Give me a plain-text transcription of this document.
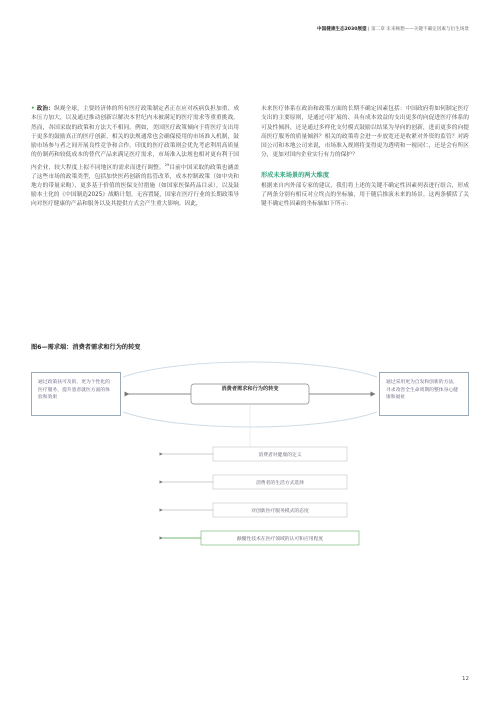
中国健康生态2030展望 | 第二章 未来畅想——关键不确定因素与衍生场景

• 政治：纵观全球，主要经济体的所有医疗政策制定者正在应对疾病负担加重、成本压力加大，以及通过推动创新以解决本世纪内未被满足的医疗需求等重重挑战。然而，各国采取的政策和方法大不相同。例如，美国医疗政策倾向于将医疗支出用于更多的鼓励真正的医疗创新，相关的法规通常也会确保使用的市场准入机制，鼓励市场参与者之间开展良性竞争和合作。印度的医疗政策则会优先考虑利用高质量的仿制药和较低成本的替代产品来满足医疗需求，市场准入法规也相对更有利于国内企业，较大程度上拟不同地区的需求而进行调整。$^{29}$目前中国采取的政策也涵盖了这些市场的政策类型，包括加快医药创新的监管改革，成本控制政策（如中央和地方的带量采购），更多基于价值的医保支付措施（如国家医保药品目录），以及鼓励本土化的《中国制造2025》战略计划。无容置疑，国家在医疗行业的长期政策导向对医疗健康的产品和服务以及其提供方式会产生重大影响。因此，

未来医疗体系在政治和政策方面的长期不确定因素包括：中国政府将如何制定医疗支出的主要原则，是通过可扩展的、具有成本效益的支出更多的向促进医疗体系的可及性倾斜，还是通过多样化支付模式鼓励以结果为导向的创新，进而更多的向提高医疗服务的质量倾斜？相关的政策将会进一步放宽还是收紧对外资的监管？对跨国公司和本地公司来说，市场准入规则将变得更为透明和一视同仁，还是会有所区分，更加对国内企业实行有力的保护？

形成未来场景的两大维度

根据来自内外部专家的建议，我们将上述的关键不确定性因素列表进行组合，形成了两条分别有相反对立终点的坐标轴，用于随后推演未来的场景。这两条横括了关键不确定性因素的坐标轴如下所示：

图6—需求端：消费者需求和行为的转变
通过政策扶可及的、更为个性化的医疗服务，提升患者就医方面的体验和效果
通过采用更为自发和创新的方法，寻求改善全生命周期的整体身心健康和福祉
消费者需求和行为的转变
消费者对健康的定义
消费者的生活方式选择
对创新医疗服务模式的态度
颠覆性技术在医疗领域的认可和应用程度
12
